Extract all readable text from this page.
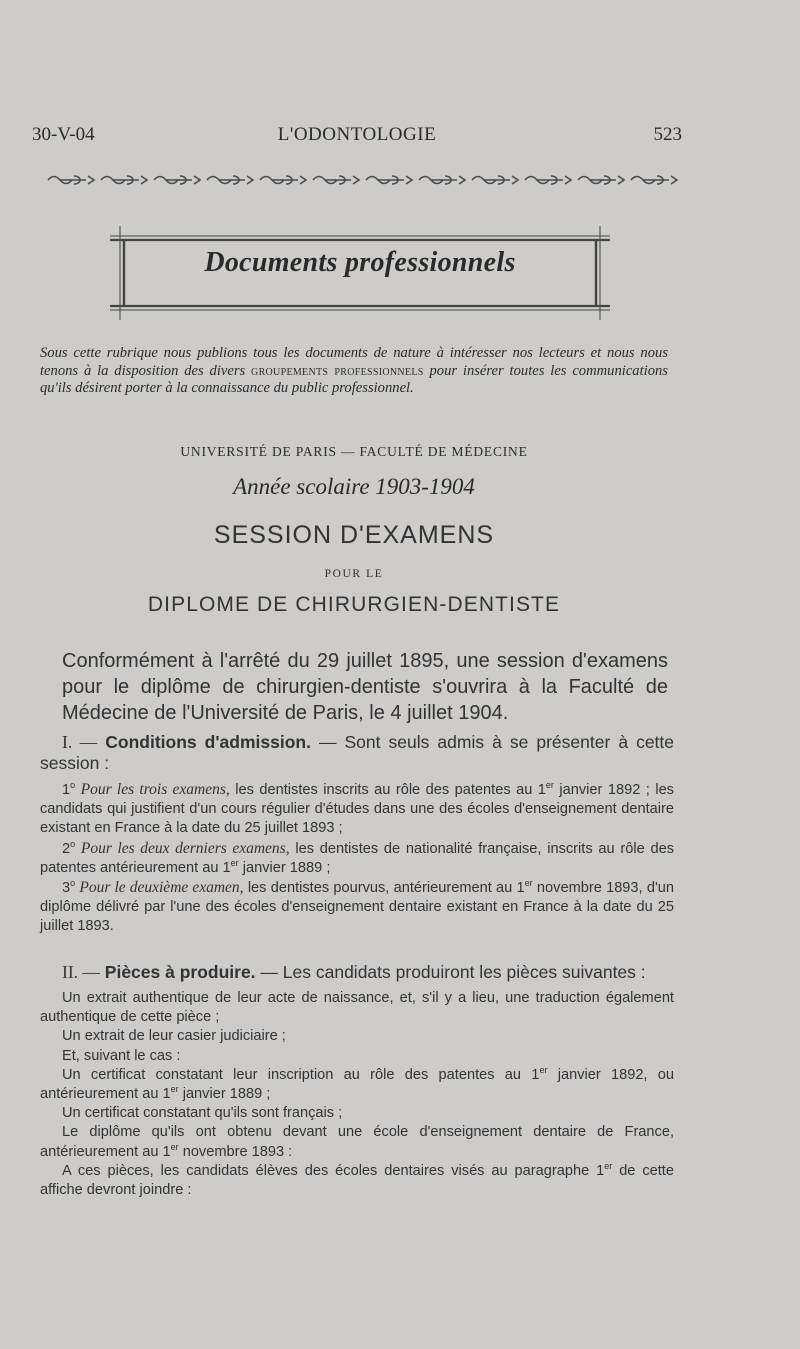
30-V-04	L'ODONTOLOGIE	523
Documents professionnels
Sous cette rubrique nous publions tous les documents de nature à intéresser nos lecteurs et nous nous tenons à la disposition des divers groupements professionnels pour insérer toutes les communications qu'ils désirent porter à la connaissance du public professionnel.
UNIVERSITÉ DE PARIS — FACULTÉ DE MÉDECINE
Année scolaire 1903-1904
SESSION D'EXAMENS
POUR LE
DIPLOME DE CHIRURGIEN-DENTISTE
Conformément à l'arrêté du 29 juillet 1895, une session d'examens pour le diplôme de chirurgien-dentiste s'ouvrira à la Faculté de Médecine de l'Université de Paris, le 4 juillet 1904.
I. — Conditions d'admission. — Sont seuls admis à se présenter à cette session :

1$^o$ Pour les trois examens, les dentistes inscrits au rôle des patentes au 1er janvier 1892 ; les candidats qui justifient d'un cours régulier d'études dans une des écoles d'enseignement dentaire existant en France à la date du 25 juillet 1893 ;

2$^o$ Pour les deux derniers examens, les dentistes de nationalité française, inscrits au rôle des patentes antérieurement au 1er janvier 1889 ;

3$^o$ Pour le deuxième examen, les dentistes pourvus, antérieurement au 1er novembre 1893, d'un diplôme délivré par l'une des écoles d'enseignement dentaire existant en France à la date du 25 juillet 1893.

II. — Pièces à produire. — Les candidats produiront les pièces suivantes :

Un extrait authentique de leur acte de naissance, et, s'il y a lieu, une traduction également authentique de cette pièce ;

Un extrait de leur casier judiciaire ;

Et, suivant le cas :

Un certificat constatant leur inscription au rôle des patentes au 1er janvier 1892, ou antérieurement au 1er janvier 1889 ;

Un certificat constatant qu'ils sont français ;

Le diplôme qu'ils ont obtenu devant une école d'enseignement dentaire de France, antérieurement au 1er novembre 1893 :

A ces pièces, les candidats élèves des écoles dentaires visés au paragraphe 1er de cette affiche devront joindre :
